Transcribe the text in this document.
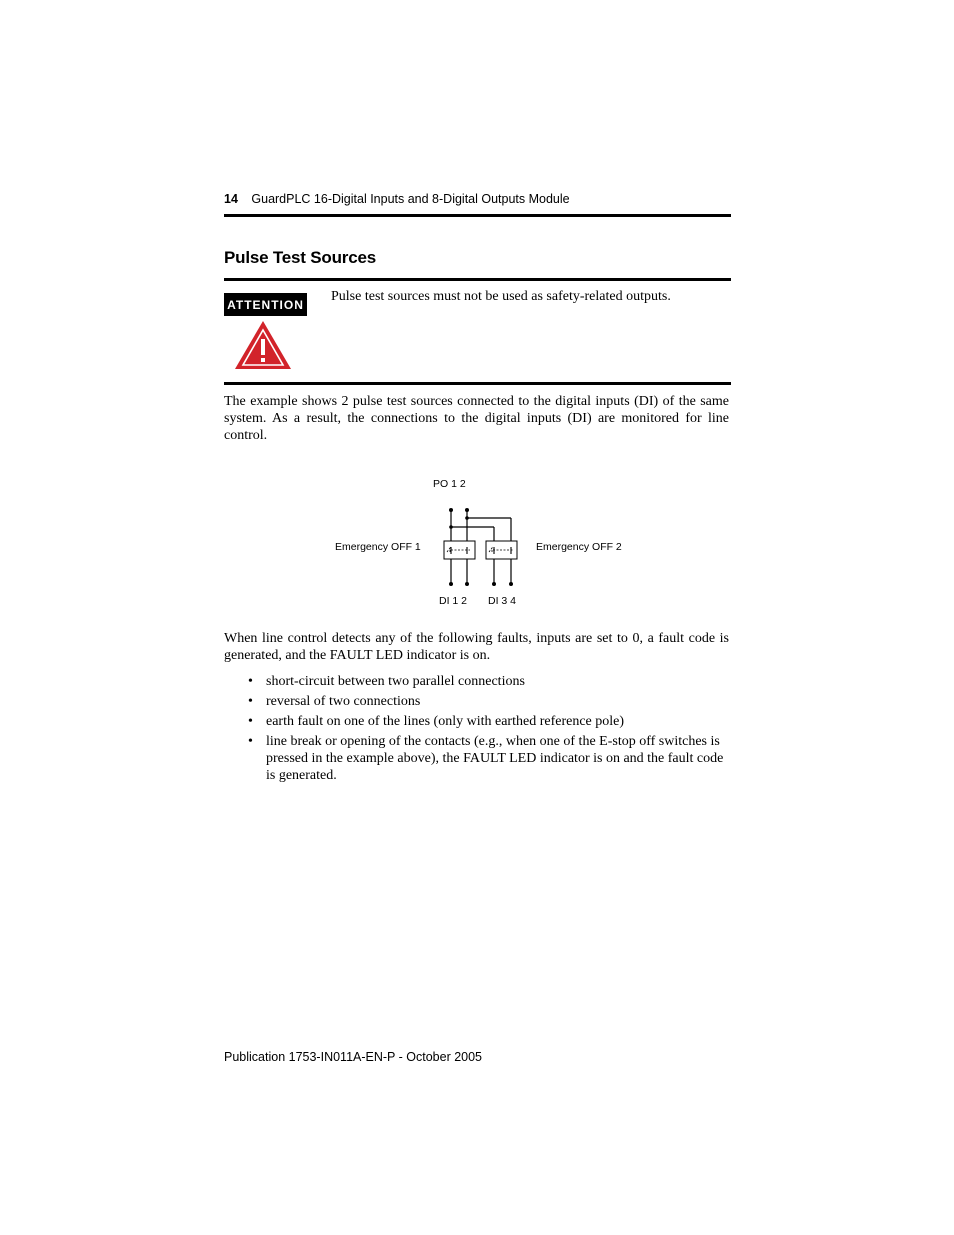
14 GuardPLC 16-Digital Inputs and 8-Digital Outputs Module
Pulse Test Sources
ATTENTION
Pulse test sources must not be used as safety-related outputs.
The example shows 2 pulse test sources connected to the digital inputs (DI) of the same system. As a result, the connections to the digital inputs (DI) are monitored for line control.
PO 1 2
Emergency OFF 1	Emergency OFF 2
DI 1 2 DI 3 4
When line control detects any of the following faults, inputs are set to 0, a fault code is generated, and the FAULT LED indicator is on.
• short-circuit between two parallel connections
• reversal of two connections
• earth fault on one of the lines (only with earthed reference pole)
• line break or opening of the contacts (e.g., when one of the E-stop off switches is pressed in the example above), the FAULT LED indicator is on and the fault code is generated.
Publication 1753-IN011A-EN-P - October 2005
